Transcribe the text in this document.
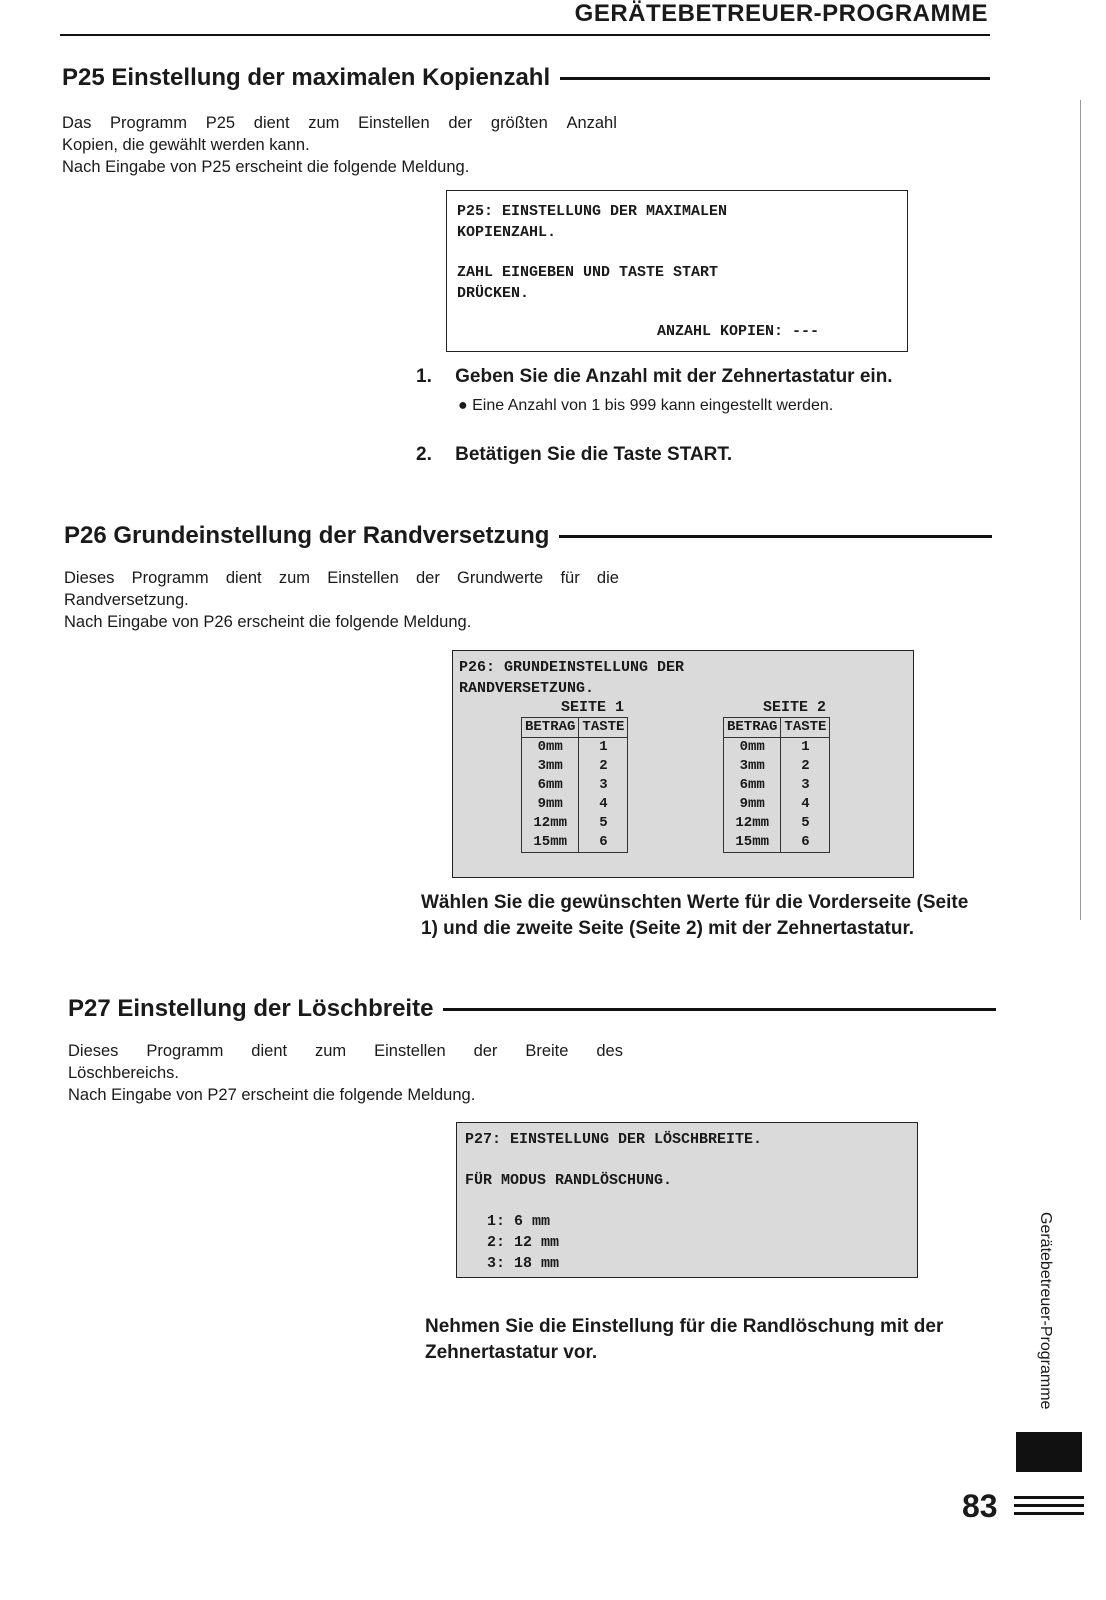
GERÄTEBETREUER-PROGRAMME
P25 Einstellung der maximalen Kopienzahl
Das Programm P25 dient zum Einstellen der größten Anzahl
Kopien, die gewählt werden kann.
Nach Eingabe von P25 erscheint die folgende Meldung.
P25: EINSTELLUNG DER MAXIMALEN
KOPIENZAHL.
ZAHL EINGEBEN UND TASTE START
DRÜCKEN.
ANZAHL KOPIEN: ---
1. Geben Sie die Anzahl mit der Zehnertastatur ein.
● Eine Anzahl von 1 bis 999 kann eingestellt werden.
2. Betätigen Sie die Taste START.
P26 Grundeinstellung der Randversetzung
Dieses Programm dient zum Einstellen der Grundwerte für die
Randversetzung.
Nach Eingabe von P26 erscheint die folgende Meldung.
P26: GRUNDEINSTELLUNG DER
RANDVERSETZUNG.
SEITE 1	SEITE 2
BETRAG	TASTE
0mm	1
3mm	2
6mm	3
9mm	4
12mm	5
15mm	6
BETRAG	TASTE
0mm	1
3mm	2
6mm	3
9mm	4
12mm	5
15mm	6
Wählen Sie die gewünschten Werte für die Vorderseite (Seite
1) und die zweite Seite (Seite 2) mit der Zehnertastatur.
P27 Einstellung der Löschbreite
Dieses Programm dient zum Einstellen der Breite des
Löschbereichs.
Nach Eingabe von P27 erscheint die folgende Meldung.
P27: EINSTELLUNG DER LÖSCHBREITE.
FÜR MODUS RANDLÖSCHUNG.
1: 6 mm
2: 12 mm
3: 18 mm
Nehmen Sie die Einstellung für die Randlöschung mit der
Zehnertastatur vor.	Gerätebetreuer-Programme
83
